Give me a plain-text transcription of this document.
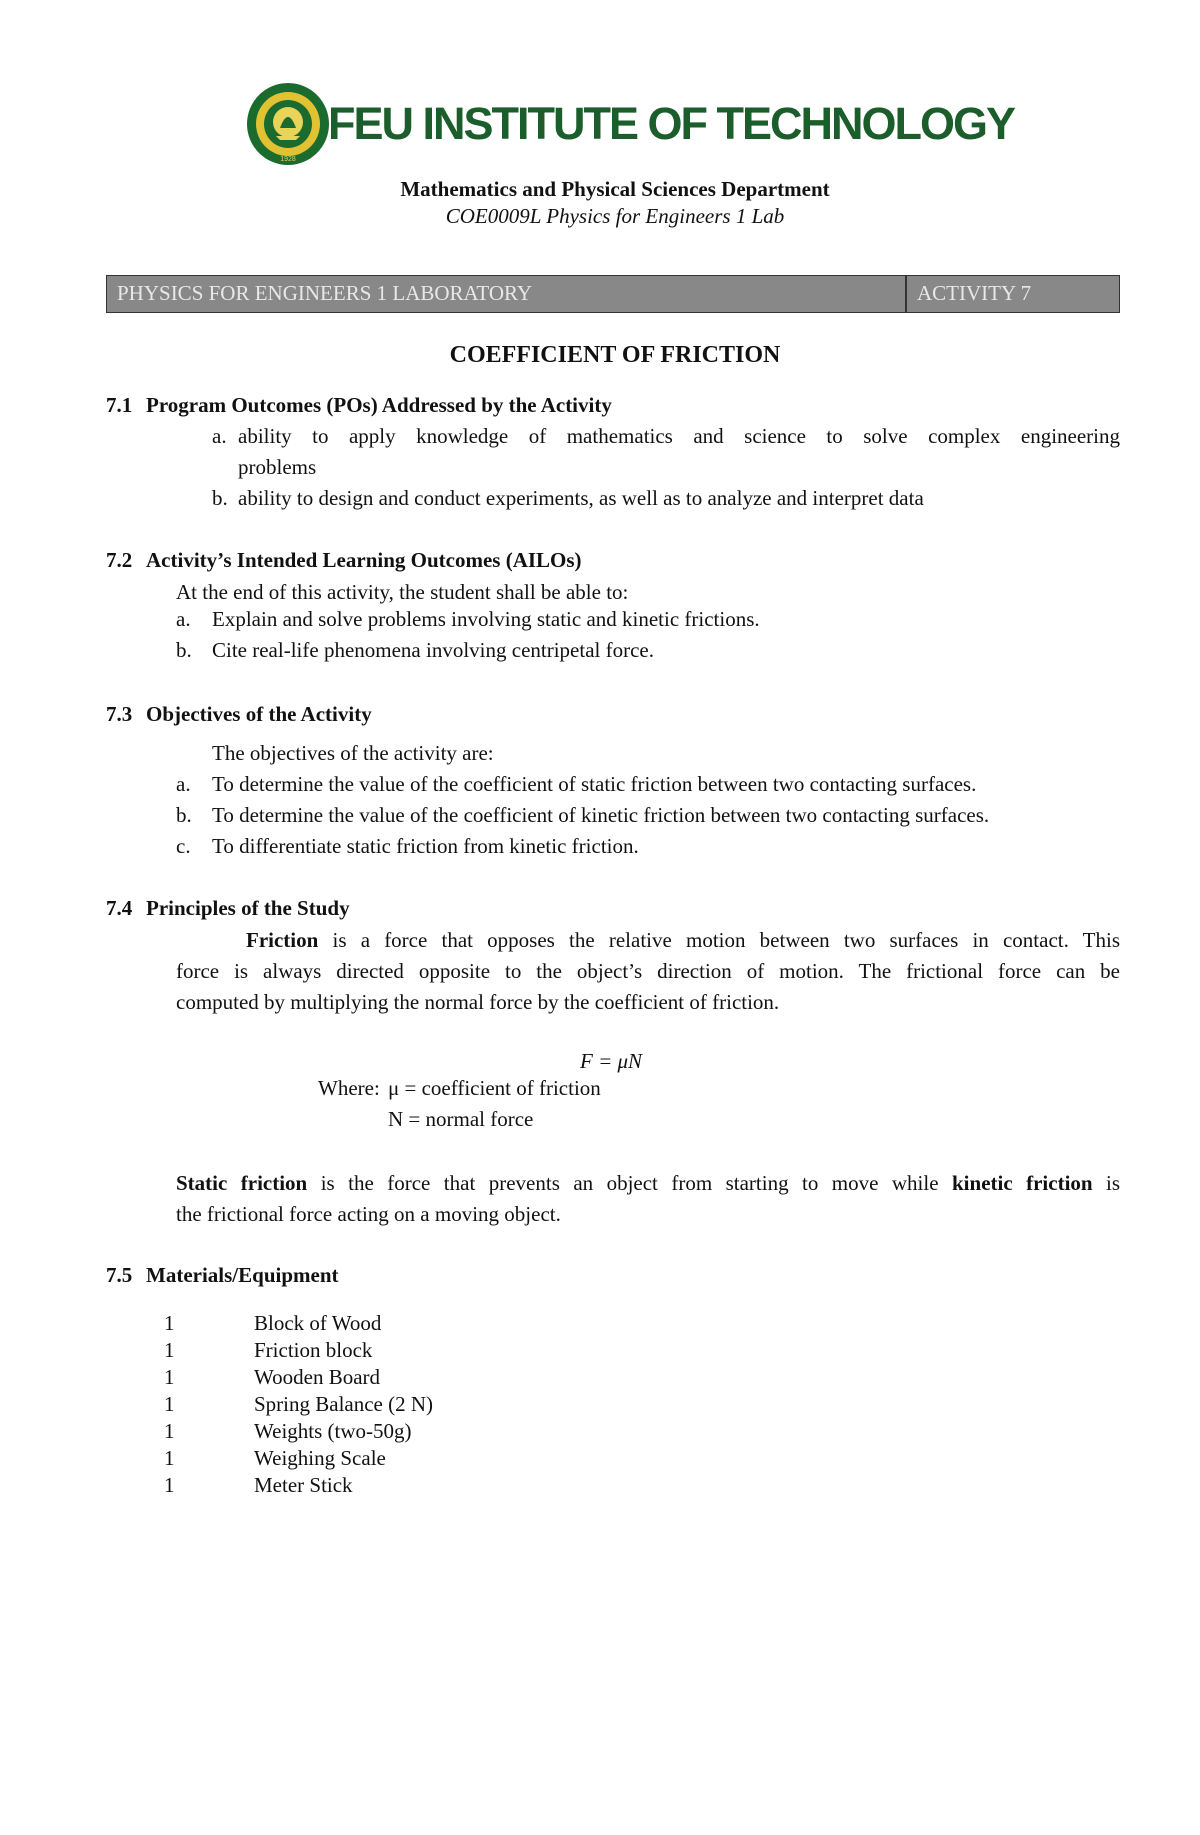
1928
FEU INSTITUTE OF TECHNOLOGY
Mathematics and Physical Sciences Department
COE0009L Physics for Engineers 1 Lab
PHYSICS FOR ENGINEERS 1 LABORATORY	ACTIVITY 7
COEFFICIENT OF FRICTION
7.1 Program Outcomes (POs) Addressed by the Activity
a. ability to apply knowledge of mathematics and science to solve complex engineering
problems
b. ability to design and conduct experiments, as well as to analyze and interpret data
7.2 Activity’s Intended Learning Outcomes (AILOs)
At the end of this activity, the student shall be able to:
a. Explain and solve problems involving static and kinetic frictions.
b. Cite real-life phenomena involving centripetal force.
7.3 Objectives of the Activity
The objectives of the activity are:
a. To determine the value of the coefficient of static friction between two contacting surfaces.
b. To determine the value of the coefficient of kinetic friction between two contacting surfaces.
c. To differentiate static friction from kinetic friction.
7.4 Principles of the Study
Friction is a force that opposes the relative motion between two surfaces in contact. This
force is always directed opposite to the object’s direction of motion. The frictional force can be
computed by multiplying the normal force by the coefficient of friction.
F = μN
Where: μ = coefficient of friction
N = normal force
Static friction is the force that prevents an object from starting to move while kinetic friction is
the frictional force acting on a moving object.
7.5 Materials/Equipment
1	Block of Wood
1	Friction block
1	Wooden Board
1	Spring Balance (2 N)
1	Weights (two-50g)
1	Weighing Scale
1	Meter Stick
